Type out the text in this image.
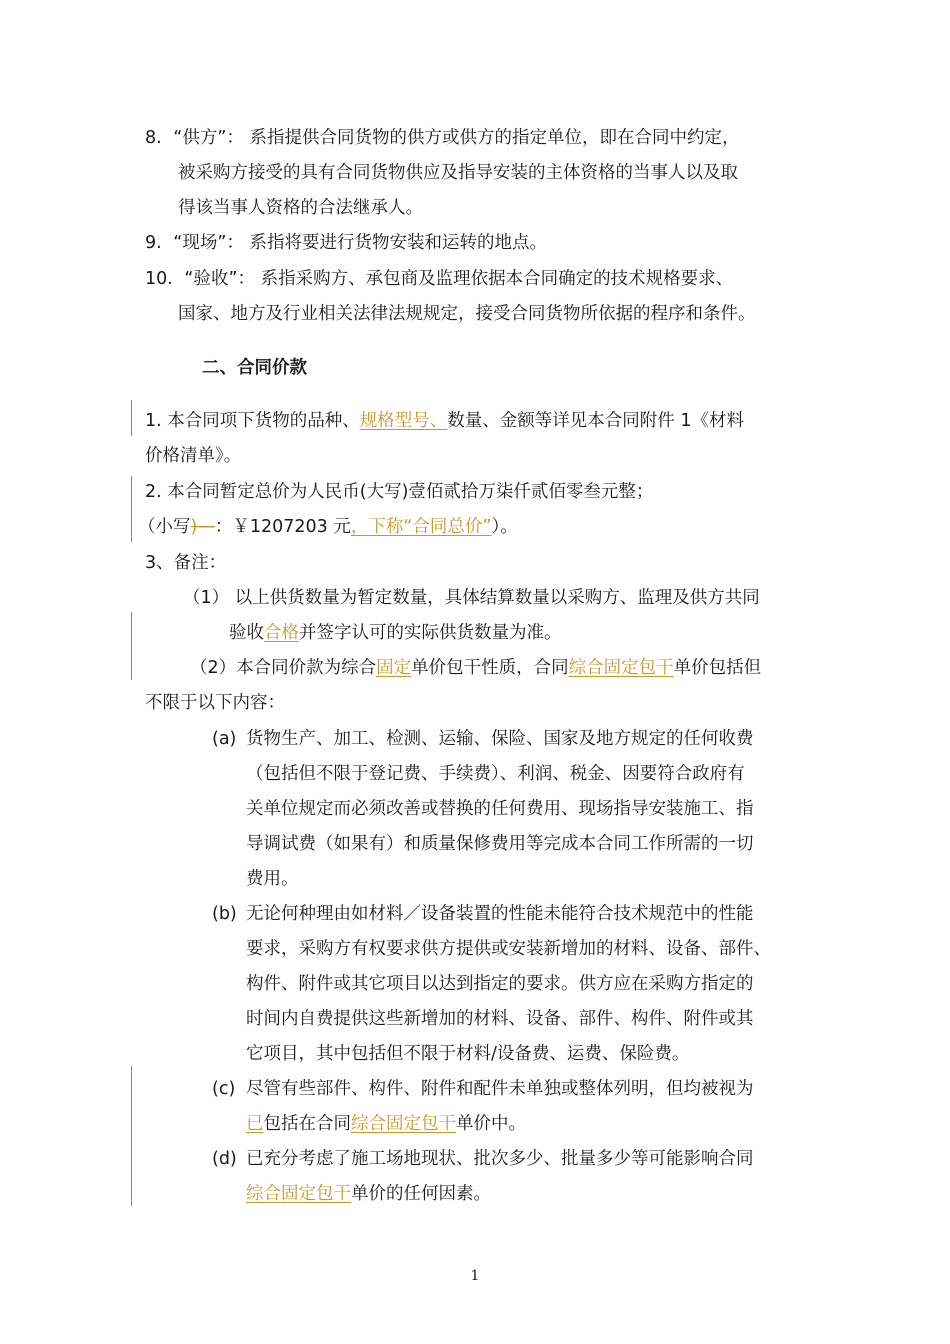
8. “供方”： 系指提供合同货物的供方或供方的指定单位，即在合同中约定，
被采购方接受的具有合同货物供应及指导安装的主体资格的当事人以及取
得该当事人资格的合法继承人。
9. “现场”： 系指将要进行货物安装和运转的地点。
10. “验收”： 系指采购方、承包商及监理依据本合同确定的技术规格要求、
国家、地方及行业相关法律法规规定，接受合同货物所依据的程序和条件。
二、合同价款
1. 本合同项下货物的品种、规格型号、数量、金额等详见本合同附件 1《材料
价格清单》。
2. 本合同暂定总价为人民币(大写)壹佰贰拾万柒仟贰佰零叁元整；
（小写)—：￥1207203 元，下称“合同总价”）。
3、备注：
（1） 以上供货数量为暂定数量，具体结算数量以采购方、监理及供方共同
验收合格并签字认可的实际供货数量为准。
（2）本合同价款为综合固定单价包干性质，合同综合固定包干单价包括但
不限于以下内容：
(a) 货物生产、加工、检测、运输、保险、国家及地方规定的任何收费
（包括但不限于登记费、手续费）、利润、税金、因要符合政府有
关单位规定而必须改善或替换的任何费用、现场指导安装施工、指
导调试费（如果有）和质量保修费用等完成本合同工作所需的一切
费用。
(b) 无论何种理由如材料／设备装置的性能未能符合技术规范中的性能
要求，采购方有权要求供方提供或安装新增加的材料、设备、部件、
构件、附件或其它项目以达到指定的要求。供方应在采购方指定的
时间内自费提供这些新增加的材料、设备、部件、构件、附件或其
它项目，其中包括但不限于材料/设备费、运费、保险费。
(c) 尽管有些部件、构件、附件和配件未单独或整体列明，但均被视为
已包括在合同综合固定包干单价中。
(d) 已充分考虑了施工场地现状、批次多少、批量多少等可能影响合同
综合固定包干单价的任何因素。
1
